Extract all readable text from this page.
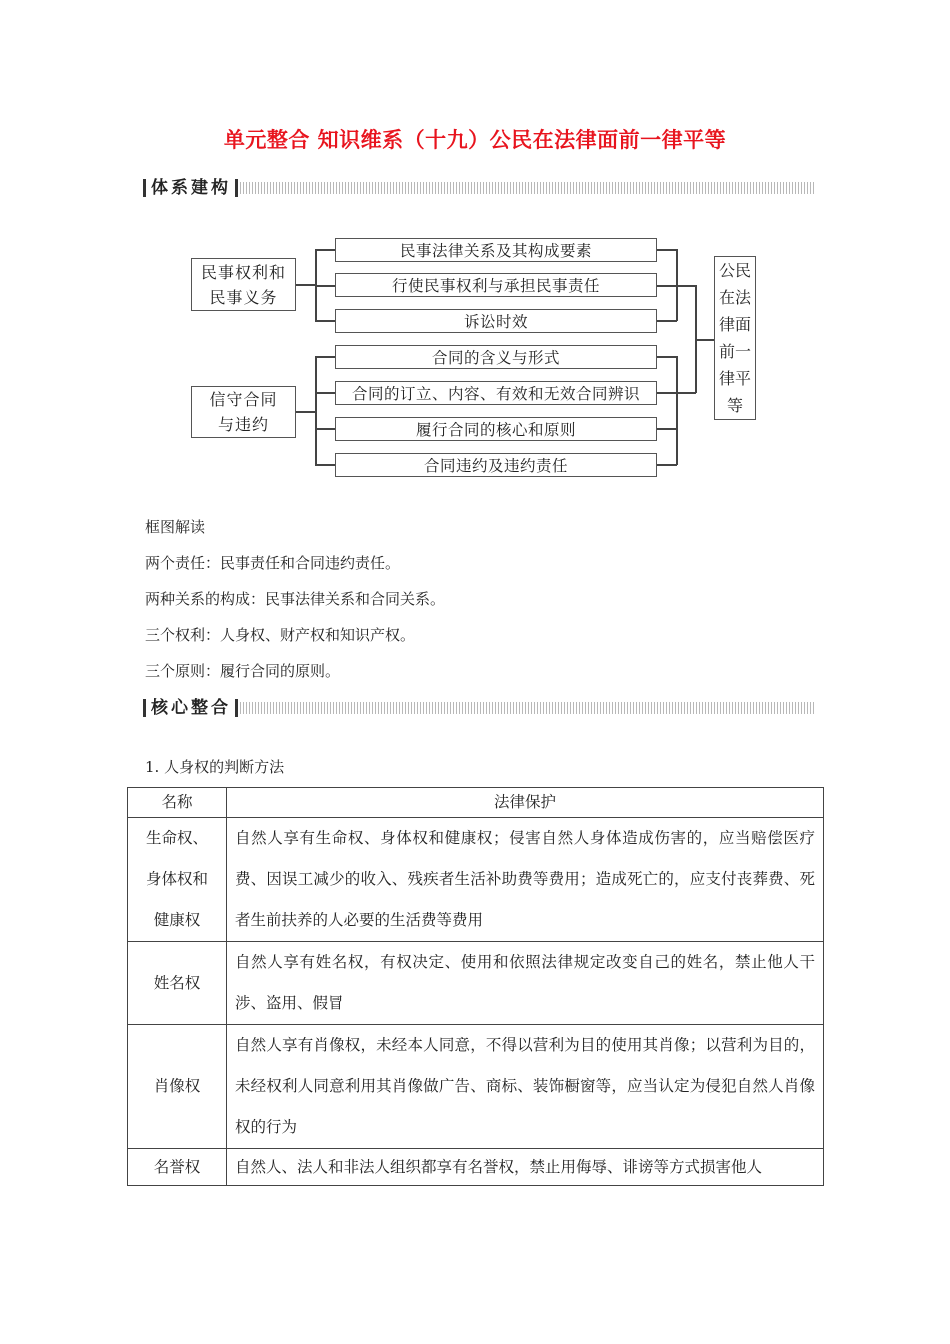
单元整合 知识维系（十九）公民在法律面前一律平等
体系建构
民事权利和
民事义务
信守合同
与违约
民事法律关系及其构成要素
行使民事权利与承担民事责任
诉讼时效
合同的含义与形式
合同的订立、内容、有效和无效合同辨识
履行合同的核心和原则
合同违约及违约责任
公民
在法
律面
前一
律平
等
框图解读
两个责任：民事责任和合同违约责任。
两种关系的构成：民事法律关系和合同关系。
三个权利：人身权、财产权和知识产权。
三个原则：履行合同的原则。
核心整合
1. 人身权的判断方法
名称	法律保护

生命权、
身体权和
健康权	自然人享有生命权、身体权和健康权；侵害自然人身体造成伤害的，应当赔偿医疗费、因误工减少的收入、残疾者生活补助费等费用；造成死亡的，应支付丧葬费、死者生前扶养的人必要的生活费等费用
姓名权	自然人享有姓名权，有权决定、使用和依照法律规定改变自己的姓名，禁止他人干涉、盗用、假冒
肖像权	自然人享有肖像权，未经本人同意，不得以营利为目的使用其肖像；以营利为目的，未经权利人同意利用其肖像做广告、商标、装饰橱窗等，应当认定为侵犯自然人肖像权的行为
名誉权	自然人、法人和非法人组织都享有名誉权，禁止用侮辱、诽谤等方式损害他人
